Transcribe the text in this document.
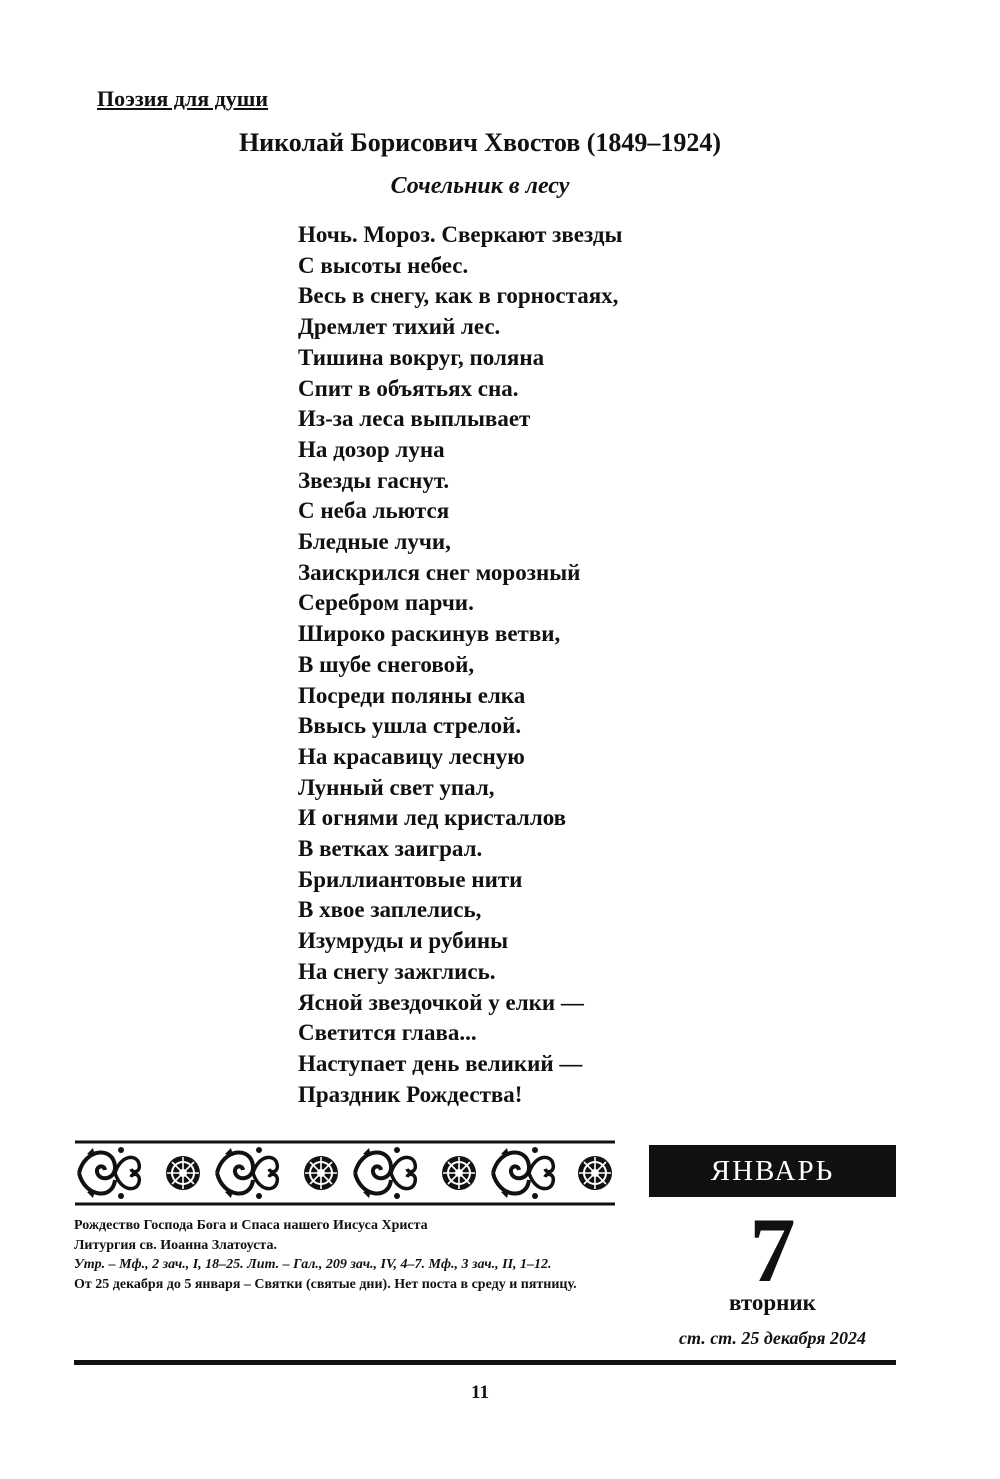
Поэзия для души
Николай Борисович Хвостов (1849–1924)
Сочельник в лесу
Ночь. Мороз. Сверкают звезды
С высоты небес.
Весь в снегу, как в горностаях,
Дремлет тихий лес.
Тишина вокруг, поляна
Спит в объятьях сна.
Из-за леса выплывает
На дозор луна
Звезды гаснут.
С неба льются
Бледные лучи,
Заискрился снег морозный
Серебром парчи.
Широко раскинув ветви,
В шубе снеговой,
Посреди поляны елка
Ввысь ушла стрелой.
На красавицу лесную
Лунный свет упал,
И огнями лед кристаллов
В ветках заиграл.
Бриллиантовые нити
В хвое заплелись,
Изумруды и рубины
На снегу зажглись.
Ясной звездочкой у елки —
Светится глава...
Наступает день великий —
Праздник Рождества!
Рождество Господа Бога и Спаса нашего Иисуса Христа
Литургия св. Иоанна Златоуста.
Утр. – Мф., 2 зач., I, 18–25. Лит. – Гал., 209 зач., IV, 4–7. Мф., 3 зач., II, 1–12.
От 25 декабря до 5 января – Святки (святые дни). Нет поста в среду и пятницу.
ЯНВАРЬ
7
вторник
ст. ст. 25 декабря 2024
11
